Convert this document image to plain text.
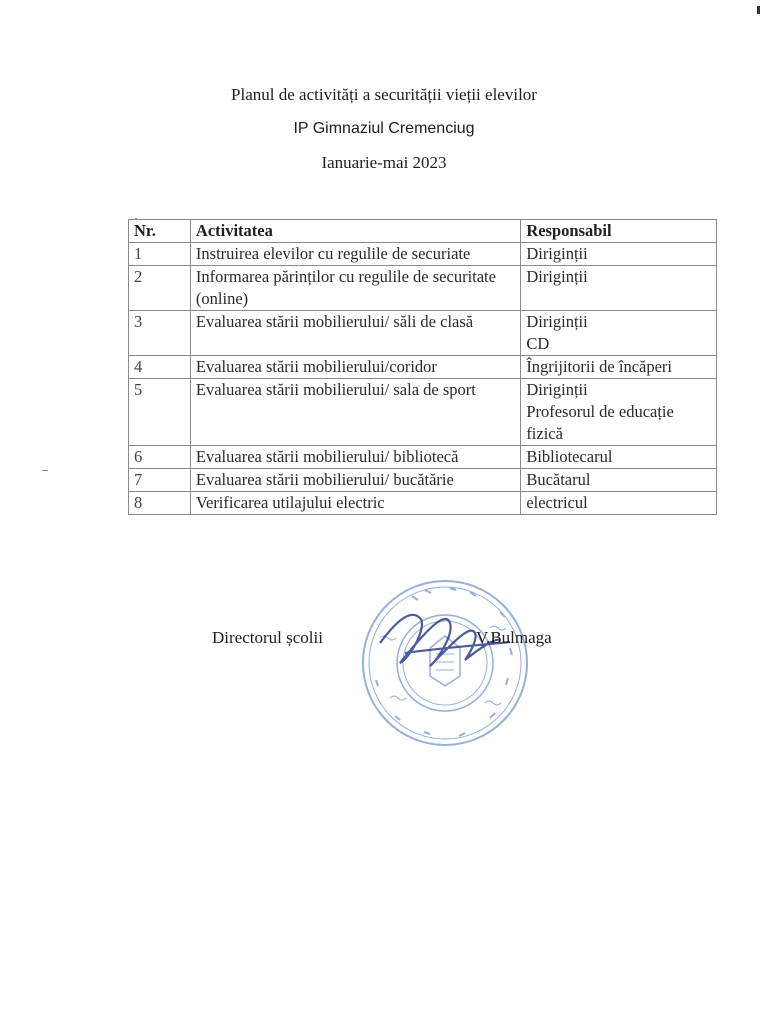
Planul de activități a securității vieții elevilor
IP Gimnaziul Cremenciug
Ianuarie-mai 2023
Nr.	Activitatea	Responsabil
1	Instruirea elevilor cu regulile de securiate	Diriginții

2	Informarea părinților cu regulile de securitate (online)	Diriginții

3	Evaluarea stării mobilierului/ săli de clasă	Diriginții
CD

4	Evaluarea stării mobilierului/coridor	Îngrijitorii de încăperi

5	Evaluarea stării mobilierului/ sala de sport	Diriginții
Profesorul de educație fizică

6	Evaluarea stării mobilierului/ bibliotecă	Bibliotecarul

7	Evaluarea stării mobilierului/ bucătărie	Bucătarul

8	Verificarea utilajului electric	electricul
Directorul școlii	V.Bulmaga
